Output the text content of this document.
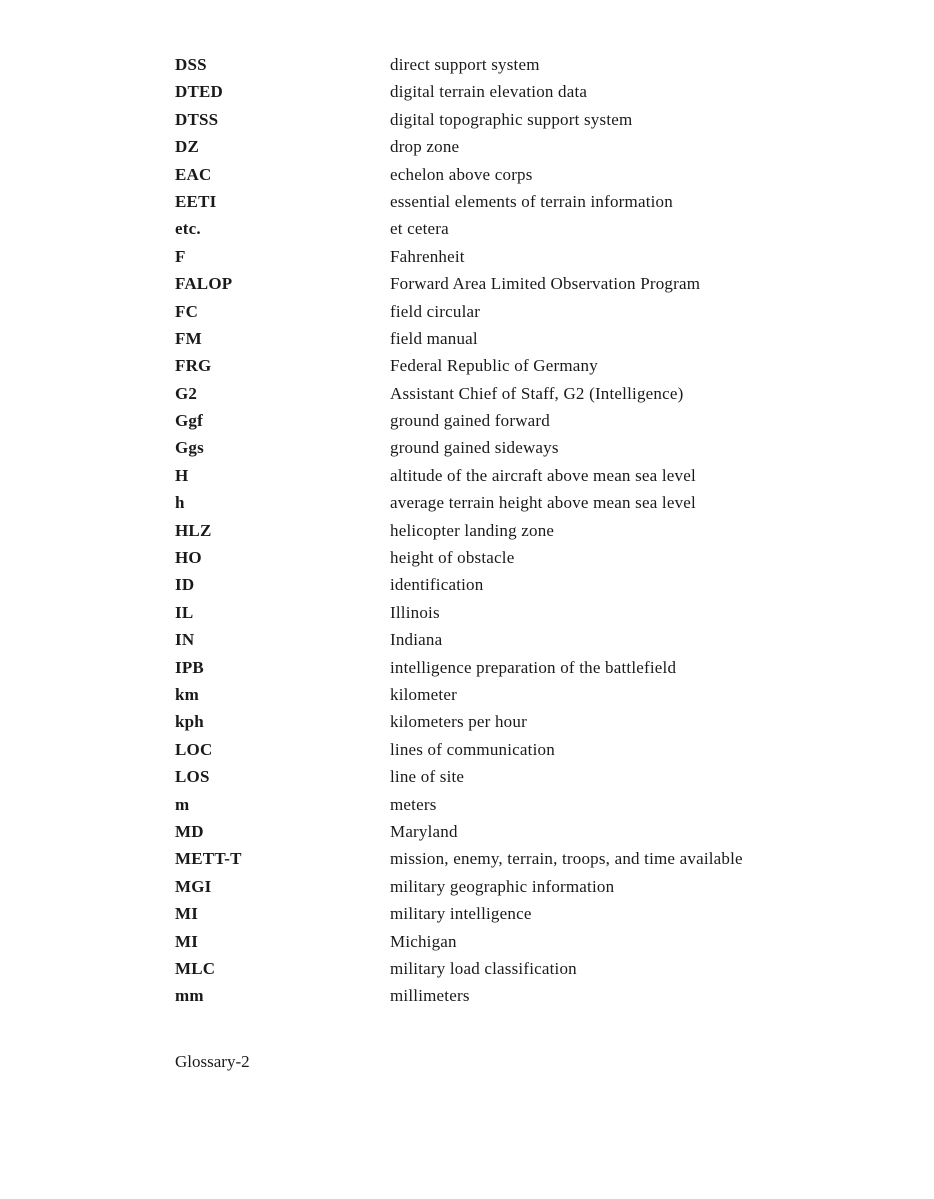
DSS	direct support system
DTED	digital terrain elevation data
DTSS	digital topographic support system
DZ	drop zone
EAC	echelon above corps
EETI	essential elements of terrain information
etc.	et cetera
F	Fahrenheit
FALOP	Forward Area Limited Observation Program
FC	field circular
FM	field manual
FRG	Federal Republic of Germany
G2	Assistant Chief of Staff, G2 (Intelligence)
Ggf	ground gained forward
Ggs	ground gained sideways
H	altitude of the aircraft above mean sea level
h	average terrain height above mean sea level
HLZ	helicopter landing zone
HO	height of obstacle
ID	identification
IL	Illinois
IN	Indiana
IPB	intelligence preparation of the battlefield
km	kilometer
kph	kilometers per hour
LOC	lines of communication
LOS	line of site
m	meters
MD	Maryland
METT-T	mission, enemy, terrain, troops, and time available
MGI	military geographic information
MI	military intelligence
MI	Michigan
MLC	military load classification
mm	millimeters
Glossary-2
